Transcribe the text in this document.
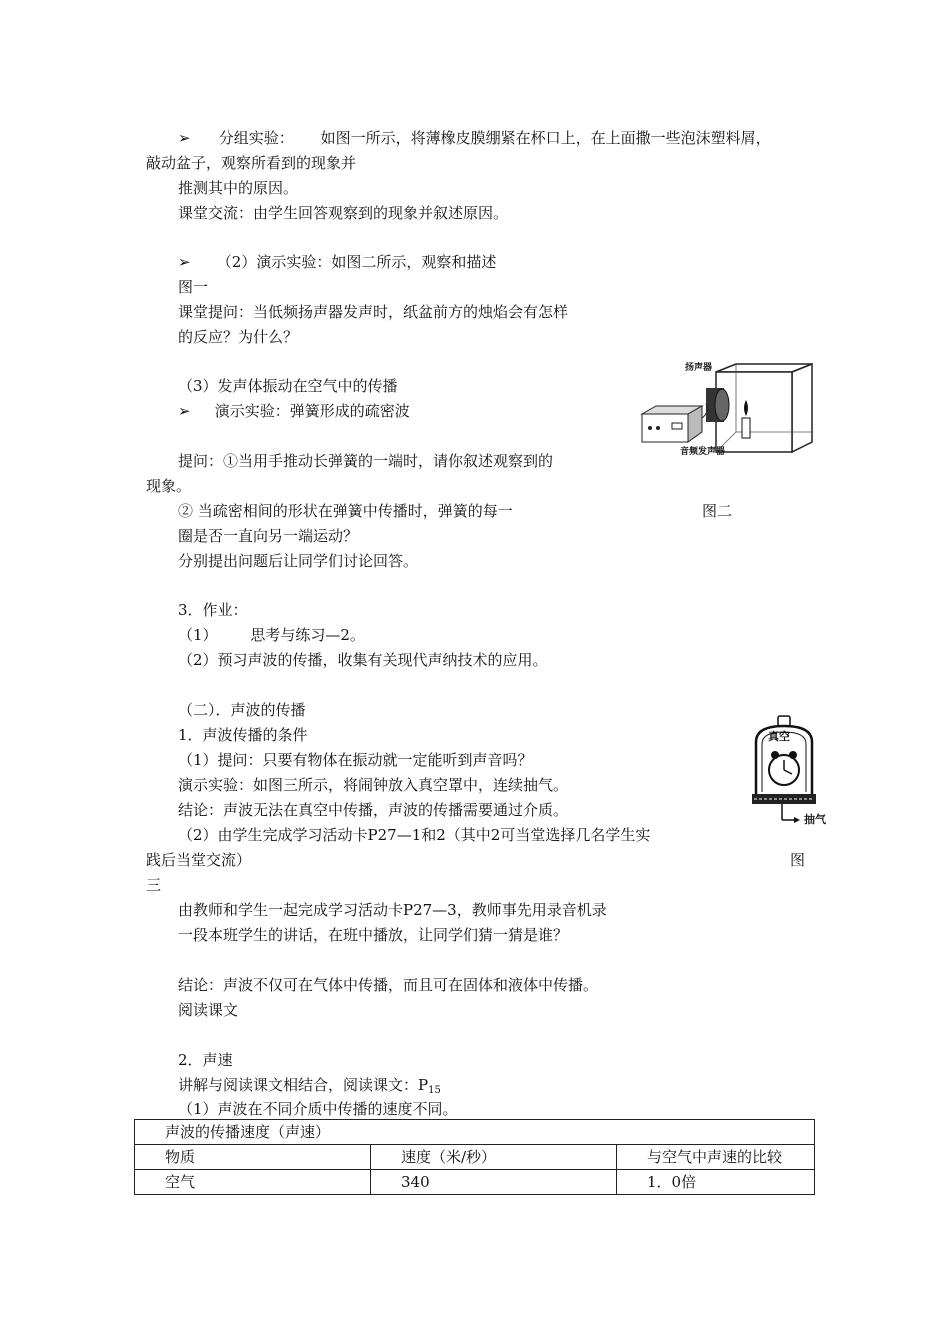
➢ 分组实验： 如图一所示，将薄橡皮膜绷紧在杯口上，在上面撒一些泡沫塑料屑，
敲动盆子，观察所看到的现象并
推测其中的原因。
课堂交流：由学生回答观察到的现象并叙述原因。
➢ （2）演示实验：如图二所示，观察和描述
图一
课堂提问：当低频扬声器发声时，纸盆前方的烛焰会有怎样
的反应？为什么？
（3）发声体振动在空气中的传播
➢ 演示实验：弹簧形成的疏密波
提问：①当用手推动长弹簧的一端时，请你叙述观察到的
现象。
② 当疏密相间的形状在弹簧中传播时，弹簧的每一	图二
圈是否一直向另一端运动？
分别提出问题后让同学们讨论回答。
3．作业：
（1） 思考与练习—2。
（2）预习声波的传播，收集有关现代声纳技术的应用。
（二）．声波的传播
1．声波传播的条件
（1）提问：只要有物体在振动就一定能听到声音吗？
演示实验：如图三所示，将闹钟放入真空罩中，连续抽气。
结论：声波无法在真空中传播，声波的传播需要通过介质。
（2）由学生完成学习活动卡P27—1和2（其中2可当堂选择几名学生实
践后当堂交流）	图
三
由教师和学生一起完成学习活动卡P27—3，教师事先用录音机录
一段本班学生的讲话，在班中播放，让同学们猜一猜是谁？
结论：声波不仅可在气体中传播，而且可在固体和液体中传播。
阅读课文
2．声速
讲解与阅读课文相结合，阅读课文：$P_{15}$
（1）声波在不同介质中传播的速度不同。
扬声器
音频发声器
真空
抽气
声波的传播速度（声速）		
物质	速度（米/秒）	与空气中声速的比较
空气	340	1．0倍
